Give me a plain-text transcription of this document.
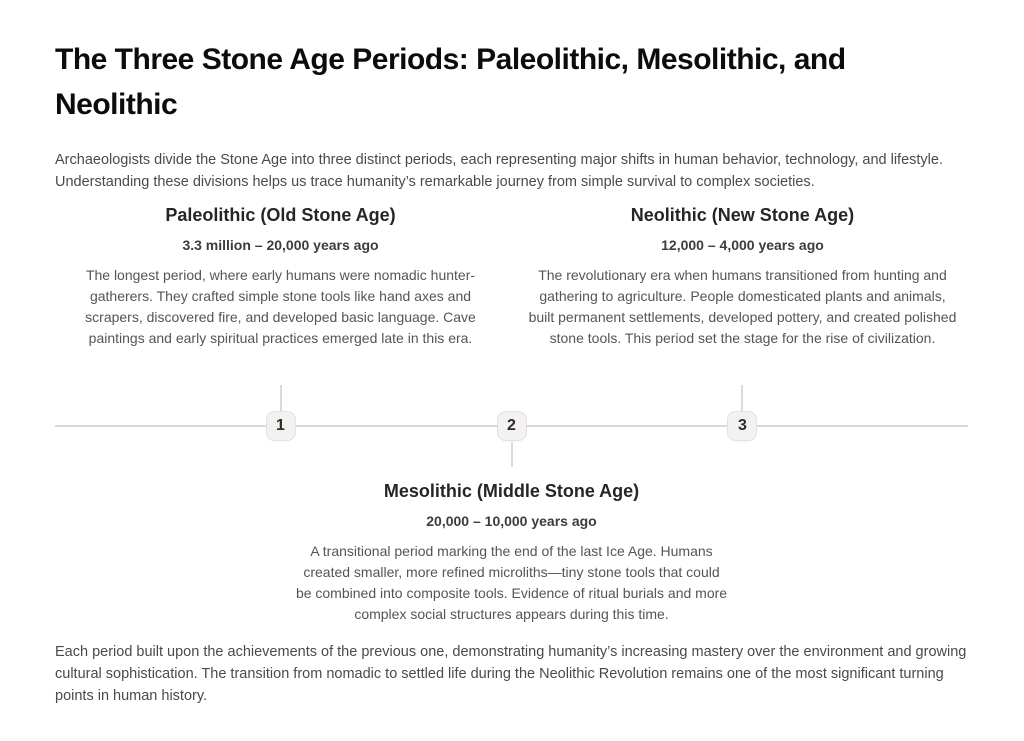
The Three Stone Age Periods: Paleolithic, Mesolithic, and Neolithic

Archaeologists divide the Stone Age into three distinct periods, each representing major shifts in human behavior, technology, and lifestyle. Understanding these divisions helps us trace humanity’s remarkable journey from simple survival to complex societies.

Paleolithic (Old Stone Age)

3.3 million – 20,000 years ago

The longest period, where early humans were nomadic hunter-gatherers. They crafted simple stone tools like hand axes and scrapers, discovered fire, and developed basic language. Cave paintings and early spiritual practices emerged late in this era.

Neolithic (New Stone Age)

12,000 – 4,000 years ago

The revolutionary era when humans transitioned from hunting and gathering to agriculture. People domesticated plants and animals, built permanent settlements, developed pottery, and created polished stone tools. This period set the stage for the rise of civilization.

1	2	3
Mesolithic (Middle Stone Age)

20,000 – 10,000 years ago

A transitional period marking the end of the last Ice Age. Humans created smaller, more refined microliths—tiny stone tools that could be combined into composite tools. Evidence of ritual burials and more complex social structures appears during this time.

Each period built upon the achievements of the previous one, demonstrating humanity’s increasing mastery over the environment and growing cultural sophistication. The transition from nomadic to settled life during the Neolithic Revolution remains one of the most significant turning points in human history.
